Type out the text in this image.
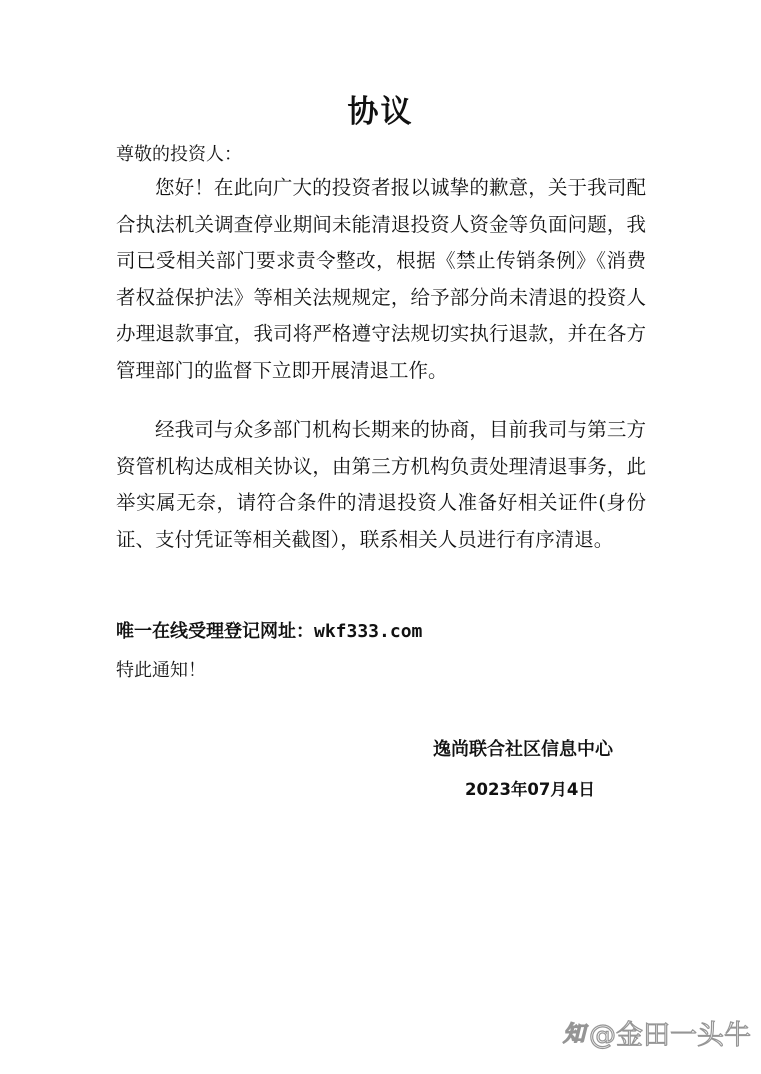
协议
尊敬的投资人：

您好！在此向广大的投资者报以诚挚的歉意，关于我司配合执法机关调查停业期间未能清退投资人资金等负面问题，我司已受相关部门要求责令整改，根据《禁止传销条例》《消费者权益保护法》等相关法规规定，给予部分尚未清退的投资人办理退款事宜，我司将严格遵守法规切实执行退款，并在各方管理部门的监督下立即开展清退工作。

经我司与众多部门机构长期来的协商，目前我司与第三方资管机构达成相关协议，由第三方机构负责处理清退事务，此举实属无奈，请符合条件的清退投资人准备好相关证件(身份证、支付凭证等相关截图），联系相关人员进行有序清退。

唯一在线受理登记网址：wkf333.com
特此通知！
逸尚联合社区信息中心
2023年07月4日
知 @金田一头牛
